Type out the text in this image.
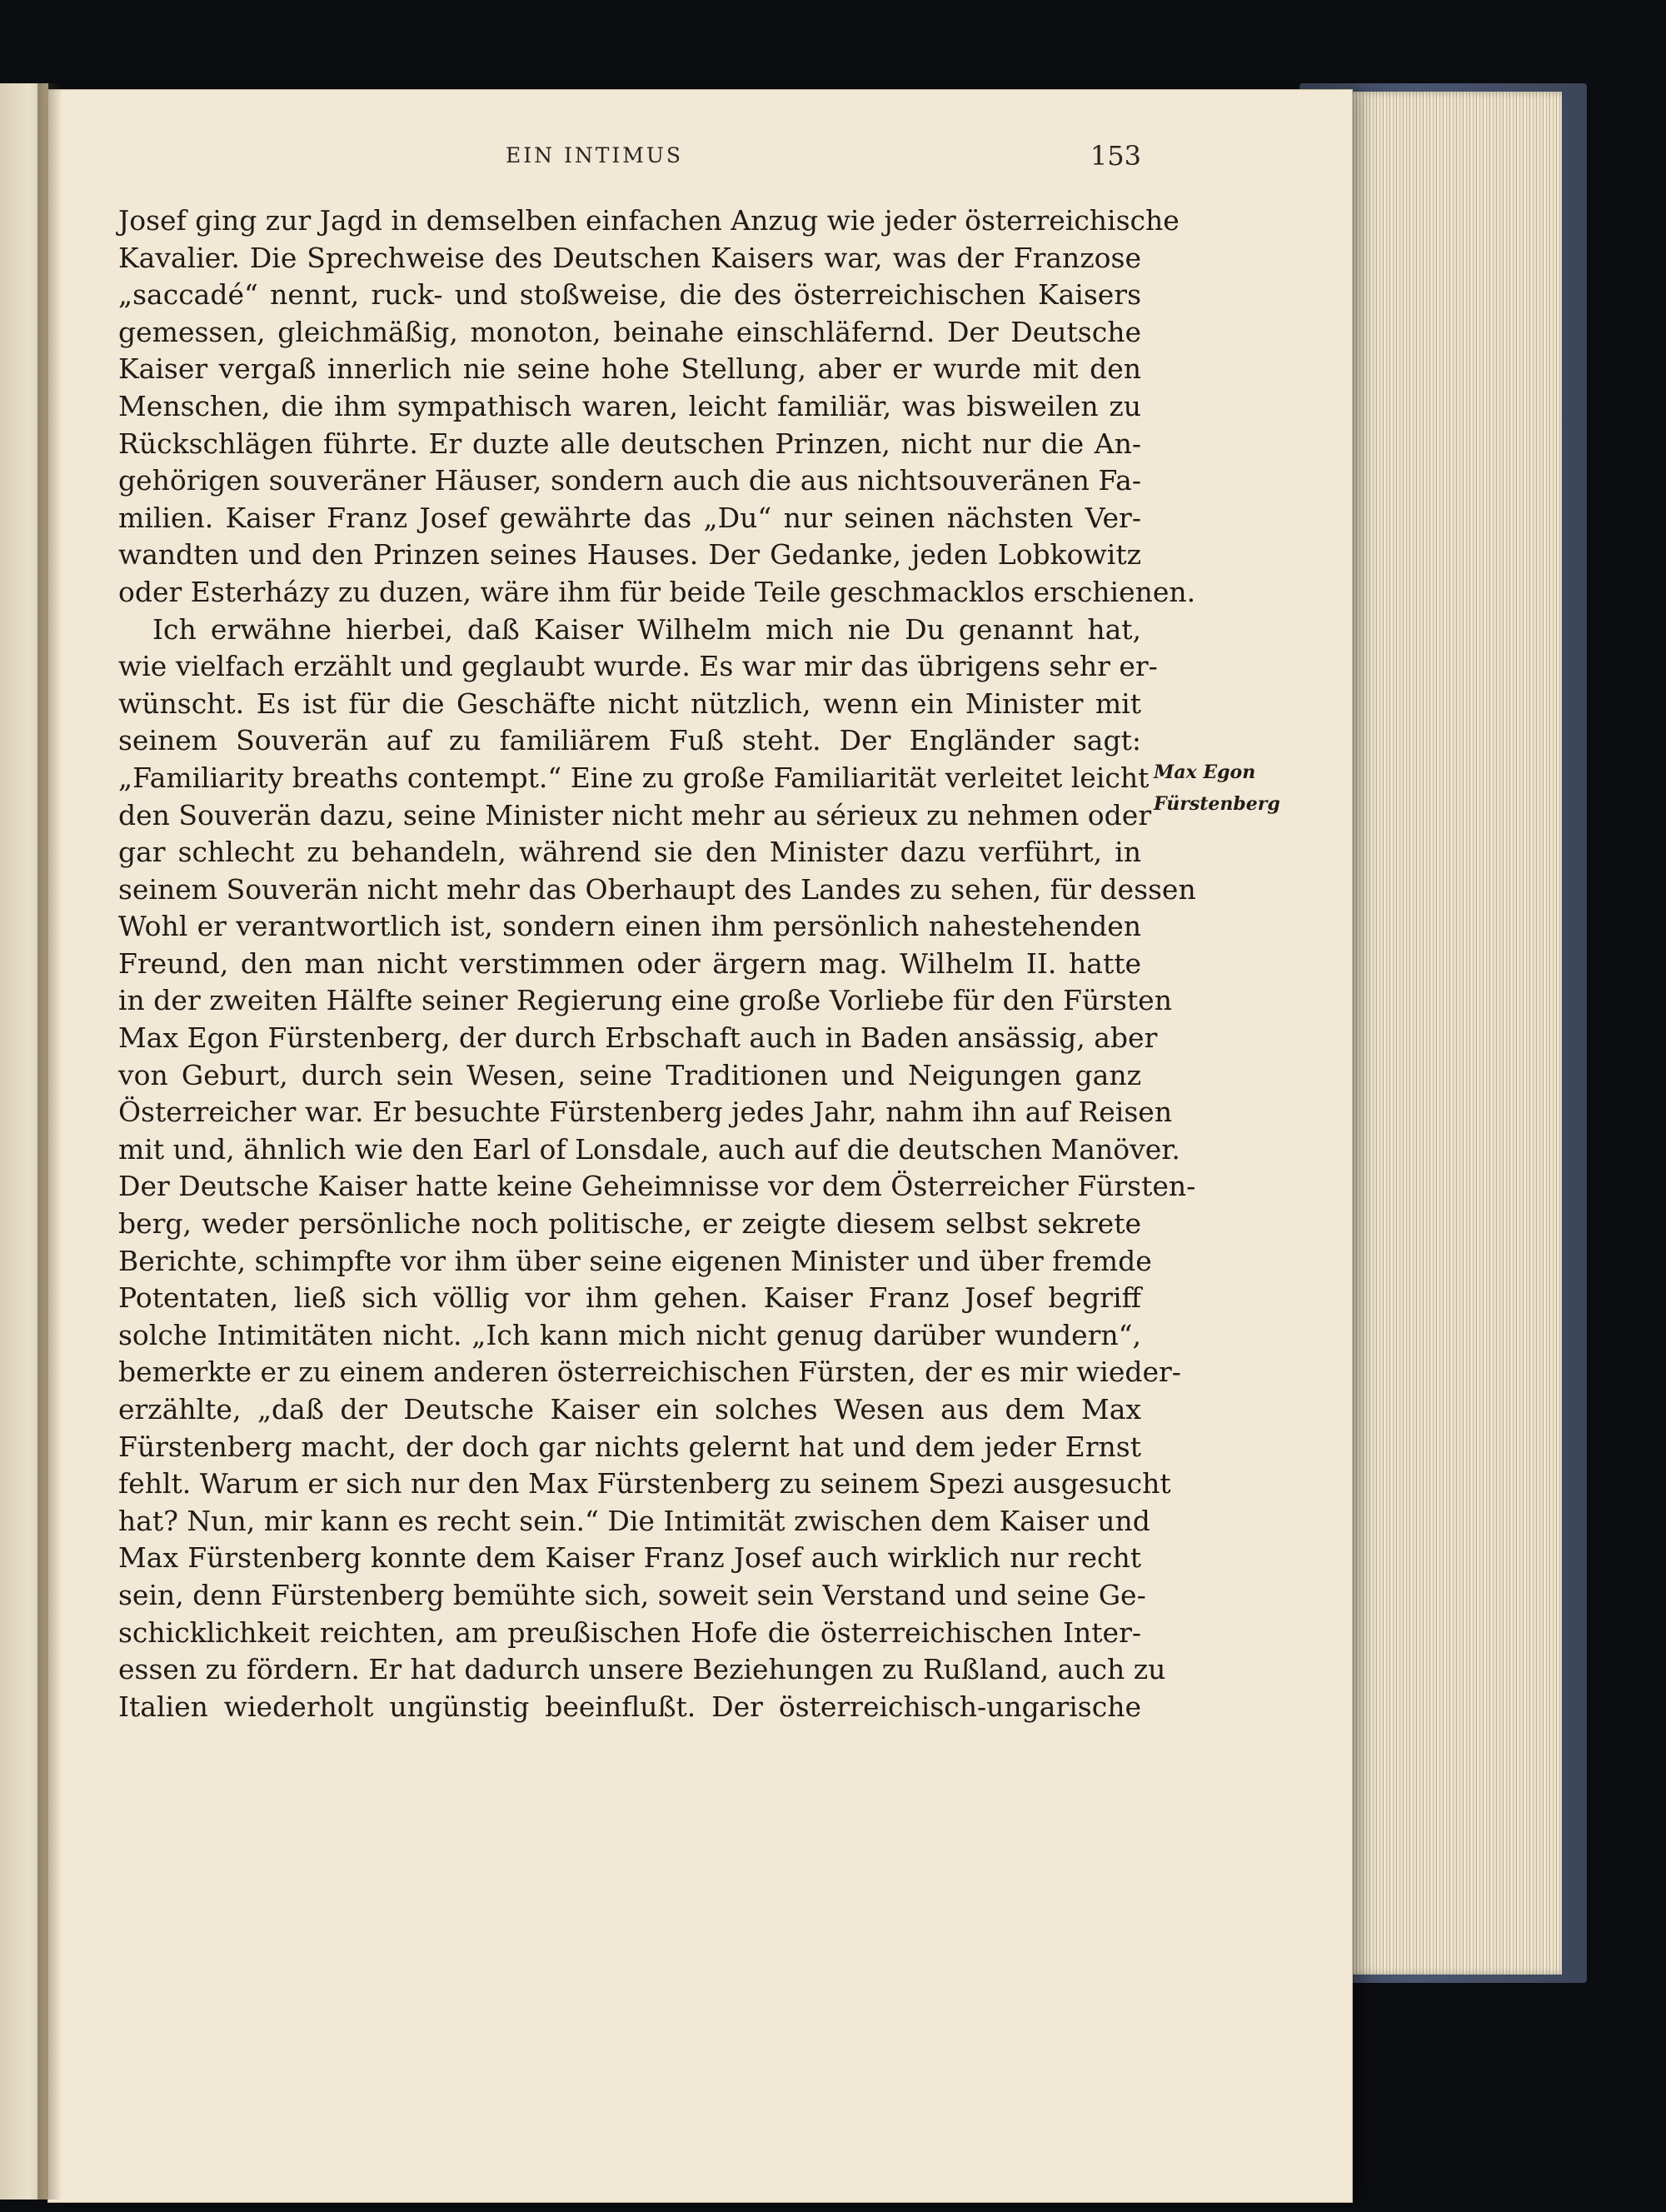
EIN INTIMUS	153
Josef ging zur Jagd in demselben einfachen Anzug wie jeder österreichische
Kavalier. Die Sprechweise des Deutschen Kaisers war, was der Franzose
„saccadé“ nennt, ruck- und stoßweise, die des österreichischen Kaisers
gemessen, gleichmäßig, monoton, beinahe einschläfernd. Der Deutsche
Kaiser vergaß innerlich nie seine hohe Stellung, aber er wurde mit den
Menschen, die ihm sympathisch waren, leicht familiär, was bisweilen zu
Rückschlägen führte. Er duzte alle deutschen Prinzen, nicht nur die An-
gehörigen souveräner Häuser, sondern auch die aus nichtsouveränen Fa-
milien. Kaiser Franz Josef gewährte das „Du“ nur seinen nächsten Ver-
wandten und den Prinzen seines Hauses. Der Gedanke, jeden Lobkowitz
oder Esterházy zu duzen, wäre ihm für beide Teile geschmacklos erschienen.
Ich erwähne hierbei, daß Kaiser Wilhelm mich nie Du genannt hat,
wie vielfach erzählt und geglaubt wurde. Es war mir das übrigens sehr er-
wünscht. Es ist für die Geschäfte nicht nützlich, wenn ein Minister mit
seinem Souverän auf zu familiärem Fuß steht. Der Engländer sagt:
„Familiarity breaths contempt.“ Eine zu große Familiarität verleitet leicht
den Souverän dazu, seine Minister nicht mehr au sérieux zu nehmen oder
gar schlecht zu behandeln, während sie den Minister dazu verführt, in
seinem Souverän nicht mehr das Oberhaupt des Landes zu sehen, für dessen
Wohl er verantwortlich ist, sondern einen ihm persönlich nahestehenden
Freund, den man nicht verstimmen oder ärgern mag. Wilhelm II. hatte
in der zweiten Hälfte seiner Regierung eine große Vorliebe für den Fürsten
Max Egon Fürstenberg, der durch Erbschaft auch in Baden ansässig, aber
von Geburt, durch sein Wesen, seine Traditionen und Neigungen ganz
Österreicher war. Er besuchte Fürstenberg jedes Jahr, nahm ihn auf Reisen
mit und, ähnlich wie den Earl of Lonsdale, auch auf die deutschen Manöver.
Der Deutsche Kaiser hatte keine Geheimnisse vor dem Österreicher Fürsten-
berg, weder persönliche noch politische, er zeigte diesem selbst sekrete
Berichte, schimpfte vor ihm über seine eigenen Minister und über fremde
Potentaten, ließ sich völlig vor ihm gehen. Kaiser Franz Josef begriff
solche Intimitäten nicht. „Ich kann mich nicht genug darüber wundern“,
bemerkte er zu einem anderen österreichischen Fürsten, der es mir wieder-
erzählte, „daß der Deutsche Kaiser ein solches Wesen aus dem Max
Fürstenberg macht, der doch gar nichts gelernt hat und dem jeder Ernst
fehlt. Warum er sich nur den Max Fürstenberg zu seinem Spezi ausgesucht
hat? Nun, mir kann es recht sein.“ Die Intimität zwischen dem Kaiser und
Max Fürstenberg konnte dem Kaiser Franz Josef auch wirklich nur recht
sein, denn Fürstenberg bemühte sich, soweit sein Verstand und seine Ge-
schicklichkeit reichten, am preußischen Hofe die österreichischen Inter-
essen zu fördern. Er hat dadurch unsere Beziehungen zu Rußland, auch zu
Italien wiederholt ungünstig beeinflußt. Der österreichisch-ungarische
Max Egon
Fürstenberg
